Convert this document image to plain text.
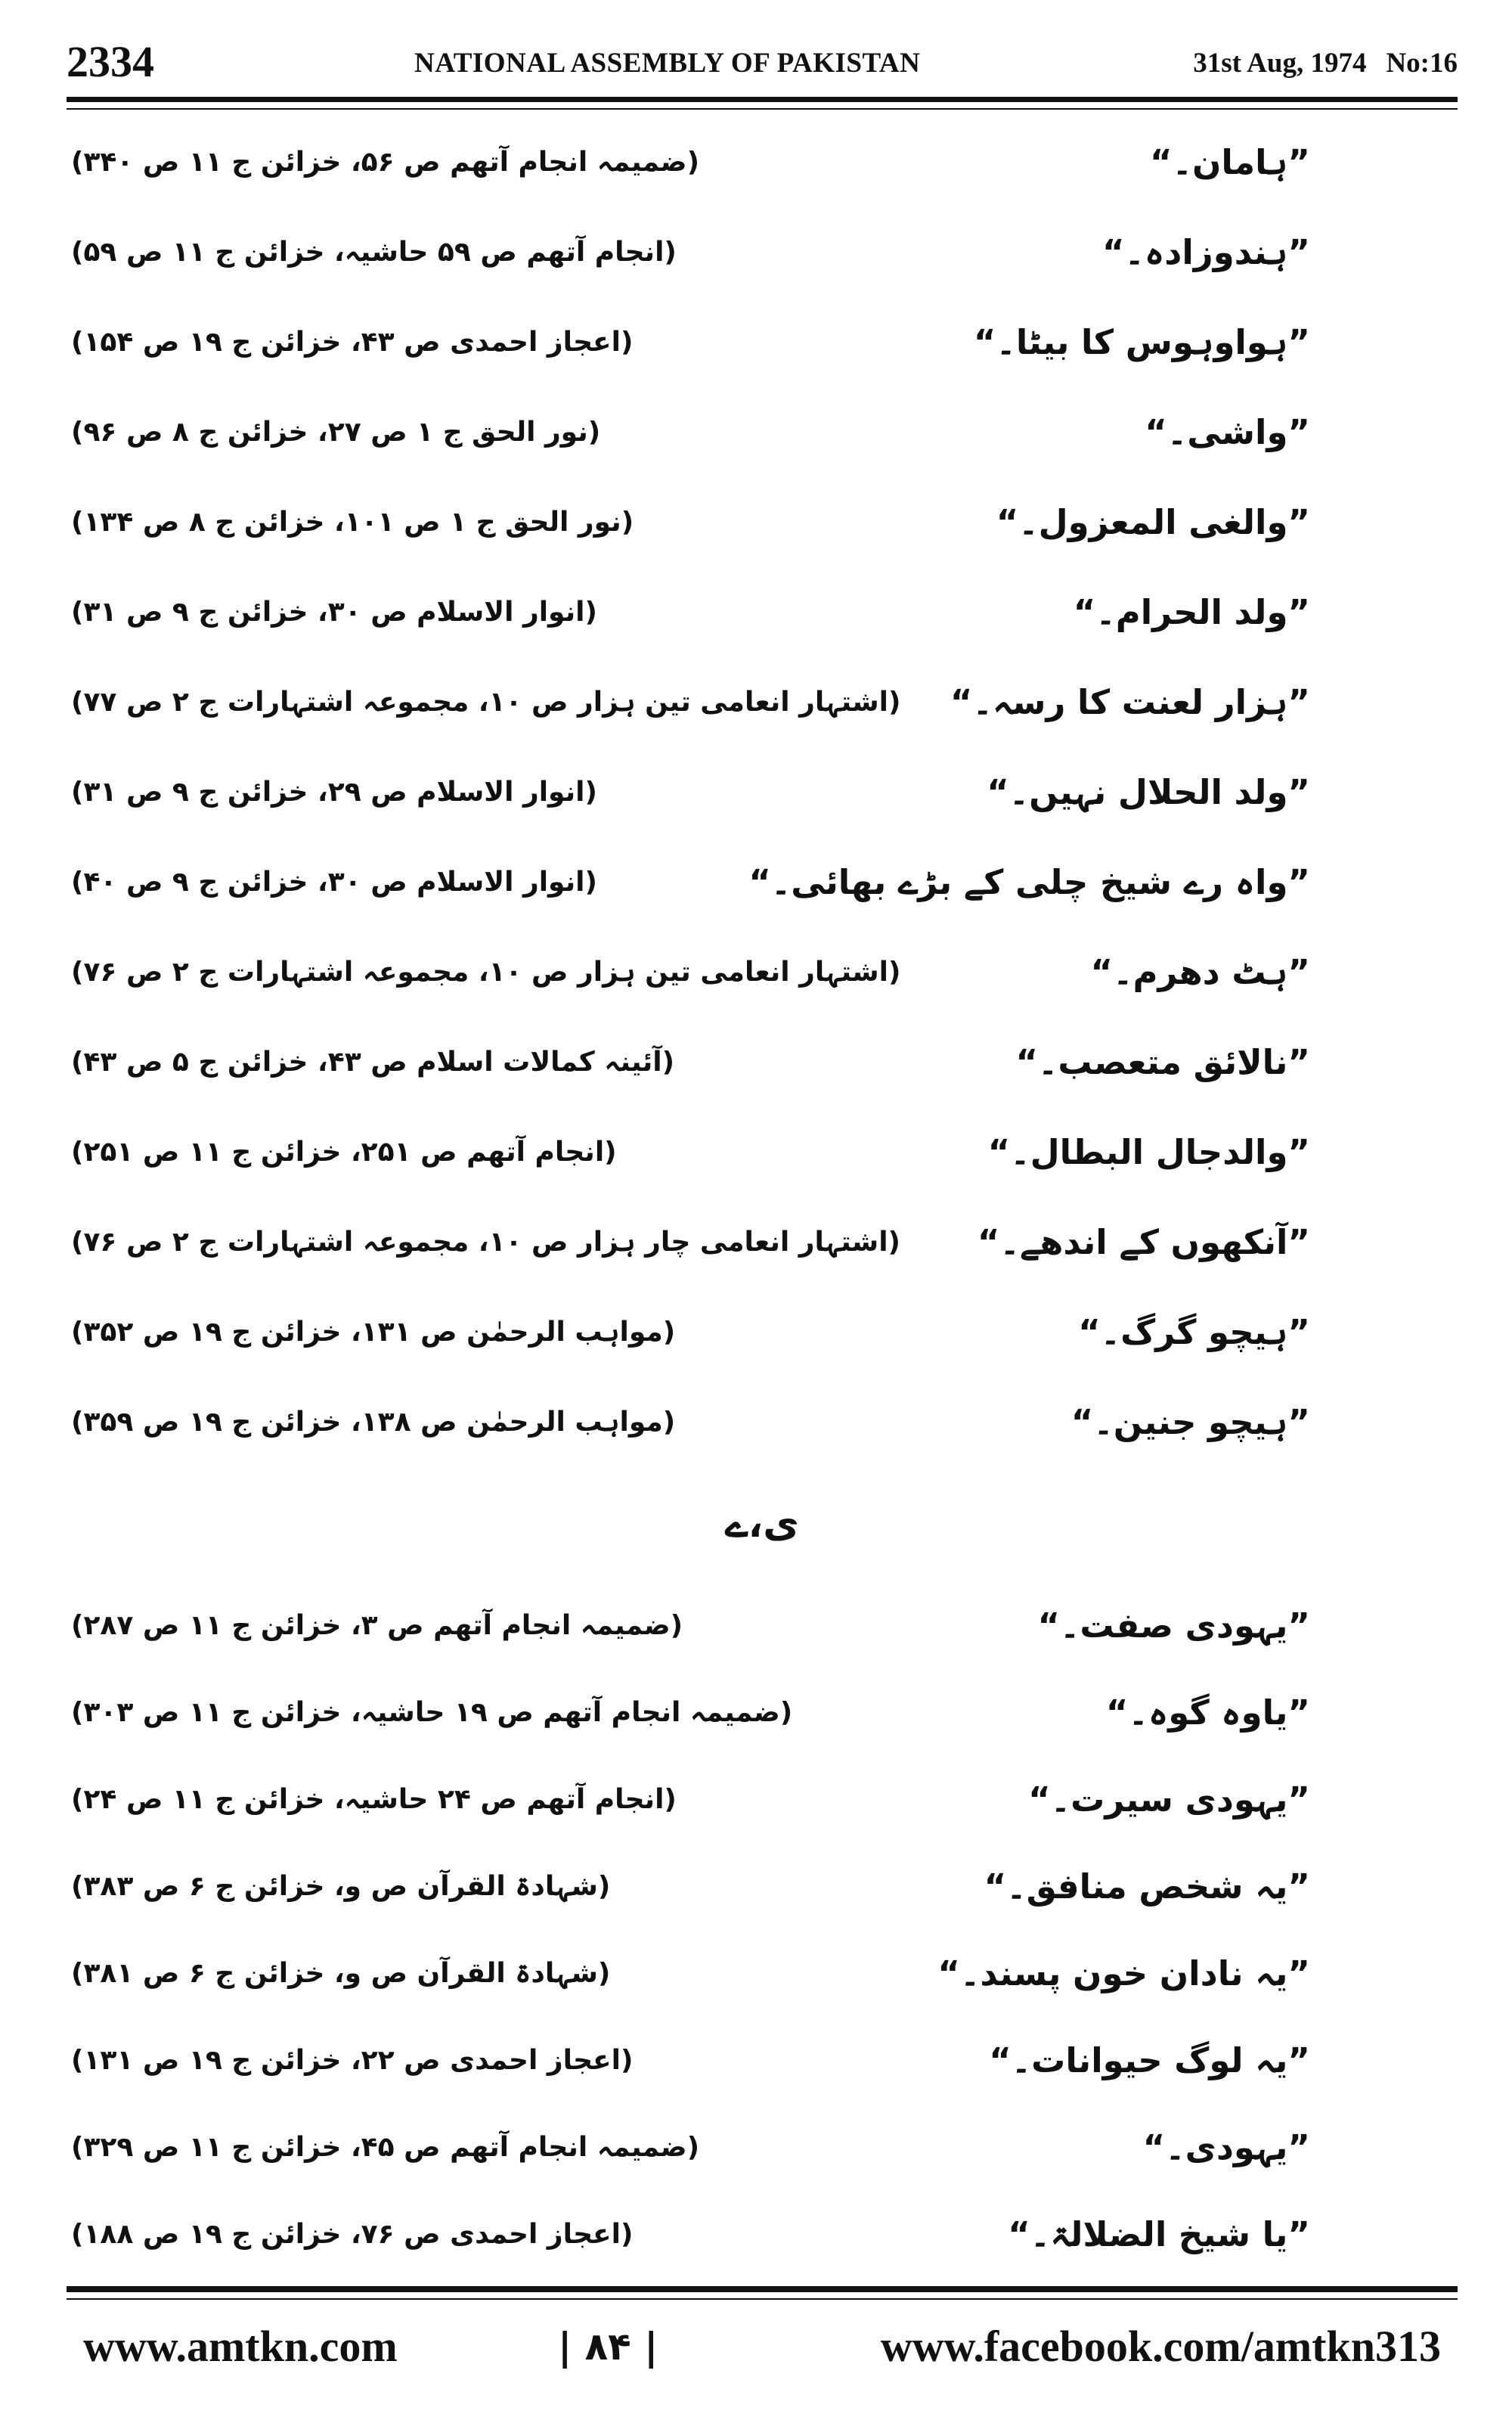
2334	NATIONAL ASSEMBLY OF PAKISTAN	31st Aug, 1974 No:16
”ہامان۔“
(ضمیمہ انجام آتھم ص ۵۶، خزائن ج ۱۱ ص ۳۴۰)
”ہندوزادہ۔“
(انجام آتھم ص ۵۹ حاشیہ، خزائن ج ۱۱ ص ۵۹)
”ہواوہوس کا بیٹا۔“
(اعجاز احمدی ص ۴۳، خزائن ج ۱۹ ص ۱۵۴)
”واشی۔“
(نور الحق ج ۱ ص ۲۷، خزائن ج ۸ ص ۹۶)
”والغی المعزول۔“
(نور الحق ج ۱ ص ۱۰۱، خزائن ج ۸ ص ۱۳۴)
”ولد الحرام۔“
(انوار الاسلام ص ۳۰، خزائن ج ۹ ص ۳۱)
”ہزار لعنت کا رسہ۔“
(اشتہار انعامی تین ہزار ص ۱۰، مجموعہ اشتہارات ج ۲ ص ۷۷)
”ولد الحلال نہیں۔“
(انوار الاسلام ص ۲۹، خزائن ج ۹ ص ۳۱)
”واہ رے شیخ چلی کے بڑے بھائی۔“
(انوار الاسلام ص ۳۰، خزائن ج ۹ ص ۴۰)
”ہٹ دھرم۔“
(اشتہار انعامی تین ہزار ص ۱۰، مجموعہ اشتہارات ج ۲ ص ۷۶)
”نالائق متعصب۔“
(آئینہ کمالات اسلام ص ۴۳، خزائن ج ۵ ص ۴۳)
”والدجال البطال۔“
(انجام آتھم ص ۲۵۱، خزائن ج ۱۱ ص ۲۵۱)
”آنکھوں کے اندھے۔“
(اشتہار انعامی چار ہزار ص ۱۰، مجموعہ اشتہارات ج ۲ ص ۷۶)
”ہیچو گرگ۔“
(مواہب الرحمٰن ص ۱۳۱، خزائن ج ۱۹ ص ۳۵۲)
”ہیچو جنین۔“
(مواہب الرحمٰن ص ۱۳۸، خزائن ج ۱۹ ص ۳۵۹)
ی،ے
”یہودی صفت۔“
(ضمیمہ انجام آتھم ص ۳، خزائن ج ۱۱ ص ۲۸۷)
”یاوہ گوہ۔“
(ضمیمہ انجام آتھم ص ۱۹ حاشیہ، خزائن ج ۱۱ ص ۳۰۳)
”یہودی سیرت۔“
(انجام آتھم ص ۲۴ حاشیہ، خزائن ج ۱۱ ص ۲۴)
”یہ شخص منافق۔“
(شہادۃ القرآن ص و، خزائن ج ۶ ص ۳۸۳)
”یہ نادان خون پسند۔“
(شہادۃ القرآن ص و، خزائن ج ۶ ص ۳۸۱)
”یہ لوگ حیوانات۔“
(اعجاز احمدی ص ۲۲، خزائن ج ۱۹ ص ۱۳۱)
”یہودی۔“
(ضمیمہ انجام آتھم ص ۴۵، خزائن ج ۱۱ ص ۳۲۹)
”یا شیخ الضلالۃ۔“
(اعجاز احمدی ص ۷۶، خزائن ج ۱۹ ص ۱۸۸)
www.amtkn.com	| ۸۴ |	www.facebook.com/amtkn313
